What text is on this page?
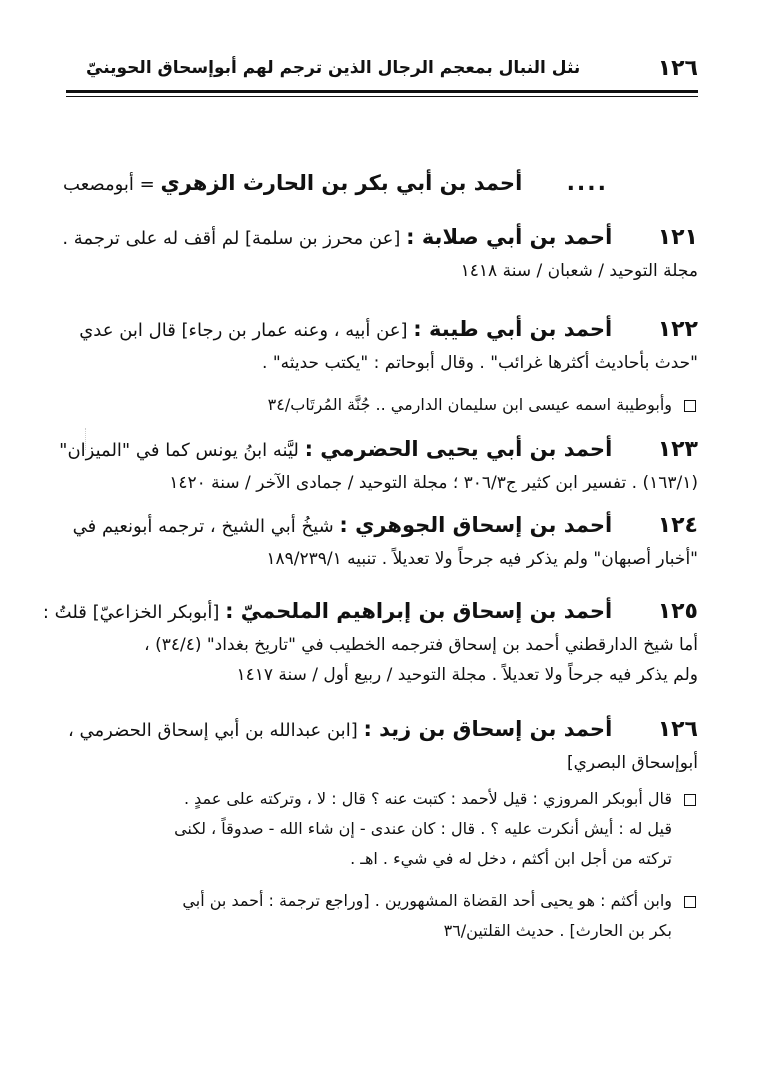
١٢٦
نثل النبال بمعجم الرجال الذين ترجم لهم أبوإسحاق الحوينيّ
.... أحمد بن أبي بكر بن الحارث الزهري = أبومصعب
١٢١ أحمد بن أبي صلابة : [عن محرز بن سلمة] لم أقف له على ترجمة .
مجلة التوحيد / شعبان / سنة ١٤١٨
١٢٢ أحمد بن أبي طيبة : [عن أبيه ، وعنه عمار بن رجاء] قال ابن عدي
"حدث بأحاديث أكثرها غرائب" . وقال أبوحاتم : "يكتب حديثه" .
وأبوطيبة اسمه عيسى ابن سليمان الدارمي .. جُنَّة المُرتَاب/٣٤
١٢٣ أحمد بن أبي يحيى الحضرمي : ليَّنه ابنُ يونس كما في "الميزان"
(١٦٣/١) . تفسير ابن كثير ج٣٠٦/٣ ؛ مجلة التوحيد / جمادى الآخر / سنة ١٤٢٠
١٢٤ أحمد بن إسحاق الجوهري : شيخُ أبي الشيخ ، ترجمه أبونعيم في
"أخبار أصبهان" ولم يذكر فيه جرحاً ولا تعديلاً . تنبيه ١٨٩/٢٣٩/١
١٢٥ أحمد بن إسحاق بن إبراهيم الملحميّ : [أبوبكر الخزاعيّ] قلتُ :
أما شيخ الدارقطني أحمد بن إسحاق فترجمه الخطيب في "تاريخ بغداد" (٣٤/٤) ،
ولم يذكر فيه جرحاً ولا تعديلاً . مجلة التوحيد / ربيع أول / سنة ١٤١٧
١٢٦ أحمد بن إسحاق بن زيد : [ابن عبدالله بن أبي إسحاق الحضرمي ،
أبوإسحاق البصري]
قال أبوبكر المروزي : قيل لأحمد : كتبت عنه ؟ قال : لا ، وتركته على عمدٍ .
قيل له : أيش أنكرت عليه ؟ . قال : كان عندى - إن شاء الله - صدوقاً ، لكنى
تركته من أجل ابن أكثم ، دخل له في شيء . اهـ .
وابن أكثم : هو يحيى أحد القضاة المشهورين . [وراجع ترجمة : أحمد بن أبي
بكر بن الحارث] . حديث القلتين/٣٦
